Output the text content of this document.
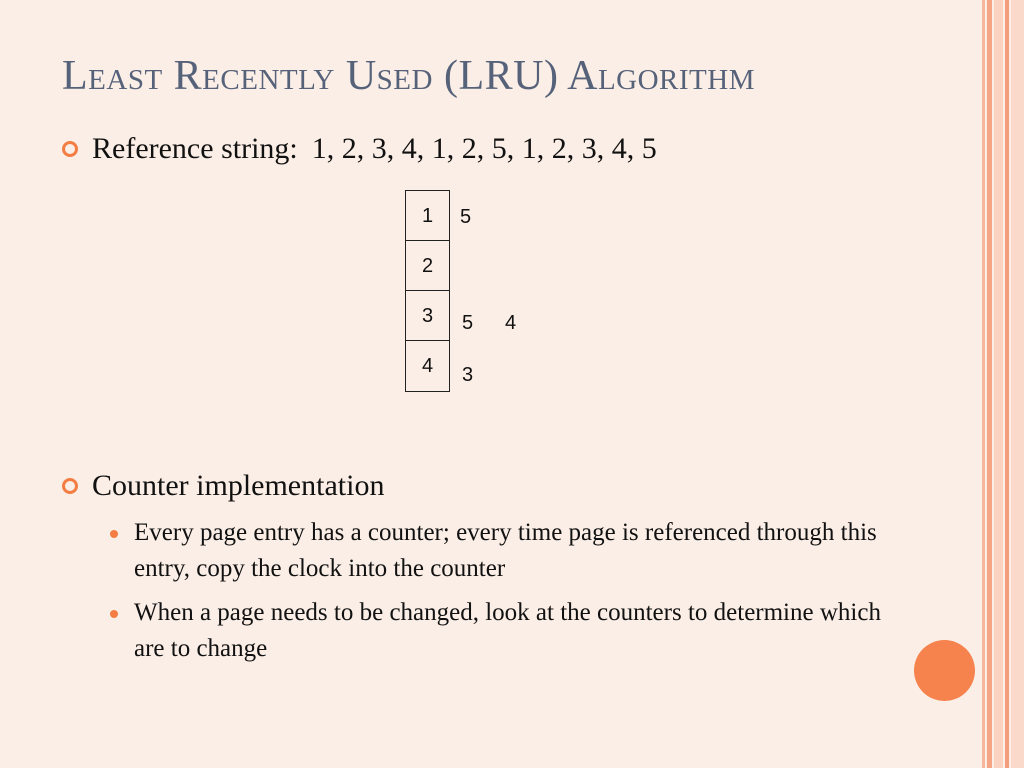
Least Recently Used (LRU) Algorithm
Reference string: 1, 2, 3, 4, 1, 2, 5, 1, 2, 3, 4, 5
1
2
3
4
5
5 4
3
Counter implementation
Every page entry has a counter; every time page is referenced through this entry, copy the clock into the counter
When a page needs to be changed, look at the counters to determine which are to change
